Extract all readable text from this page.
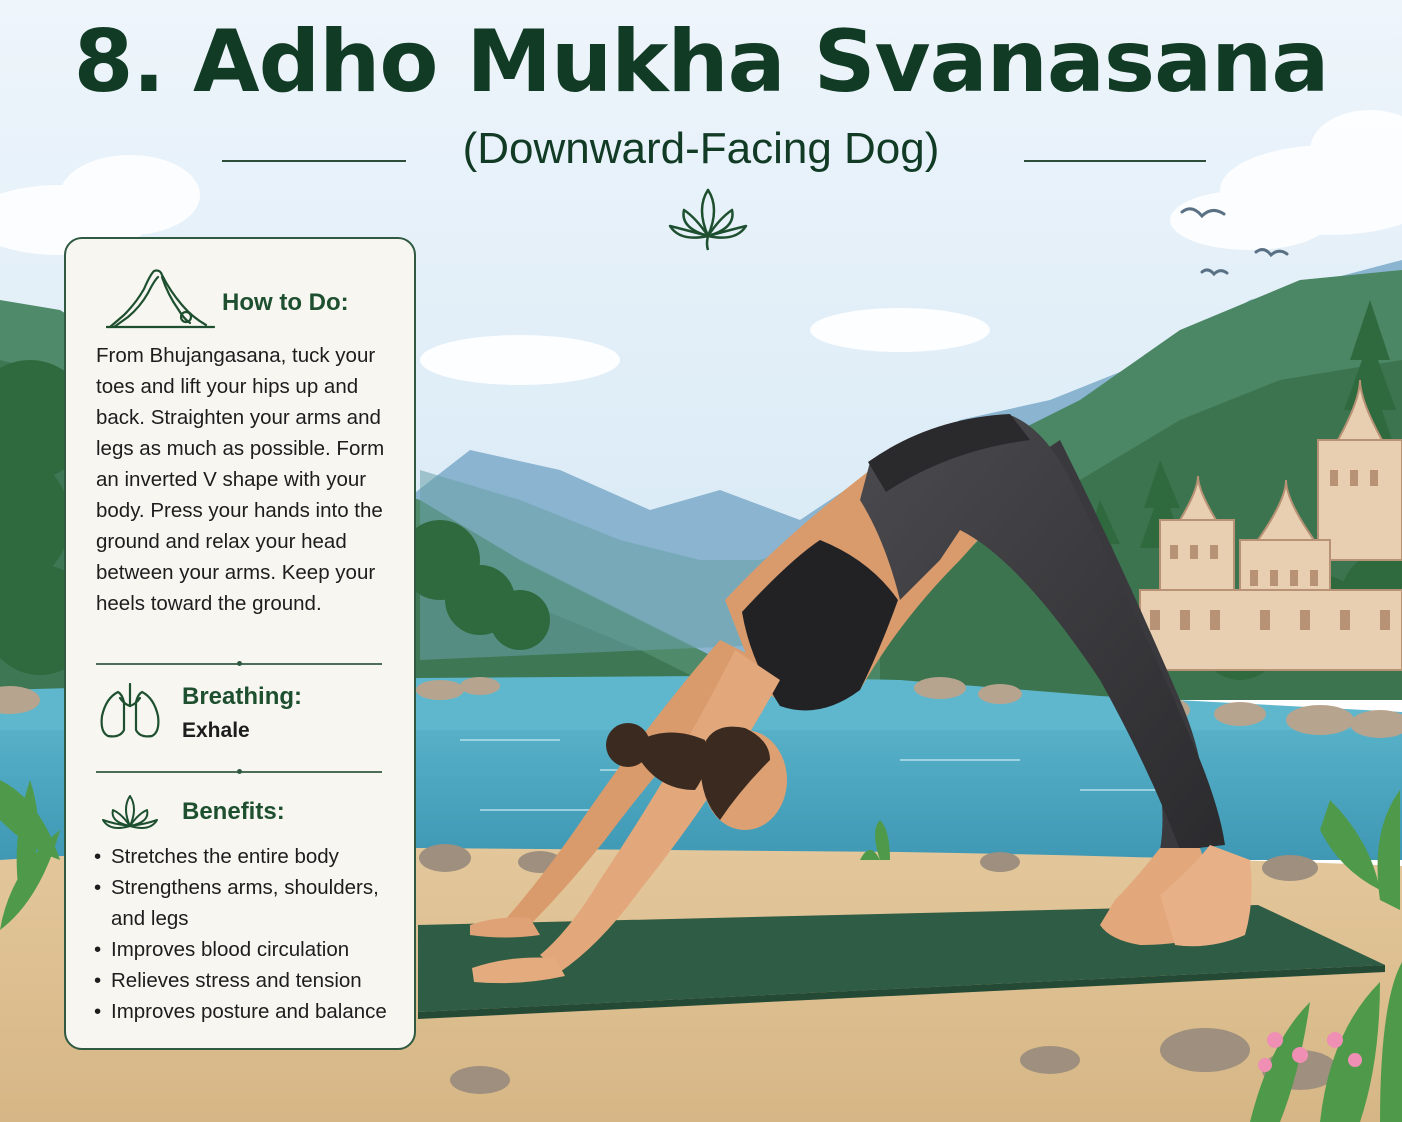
8. Adho Mukha Svanasana
(Downward-Facing Dog)
How to Do:
From Bhujangasana, tuck your toes and lift your hips up and back. Straighten your arms and legs as much as possible. Form an inverted V shape with your body. Press your hands into the ground and relax your head between your arms. Keep your heels toward the ground.
Breathing:
Exhale
Benefits:
• Stretches the entire body
• Strengthens arms, shoulders, and legs
• Improves blood circulation
• Relieves stress and tension
• Improves posture and balance
